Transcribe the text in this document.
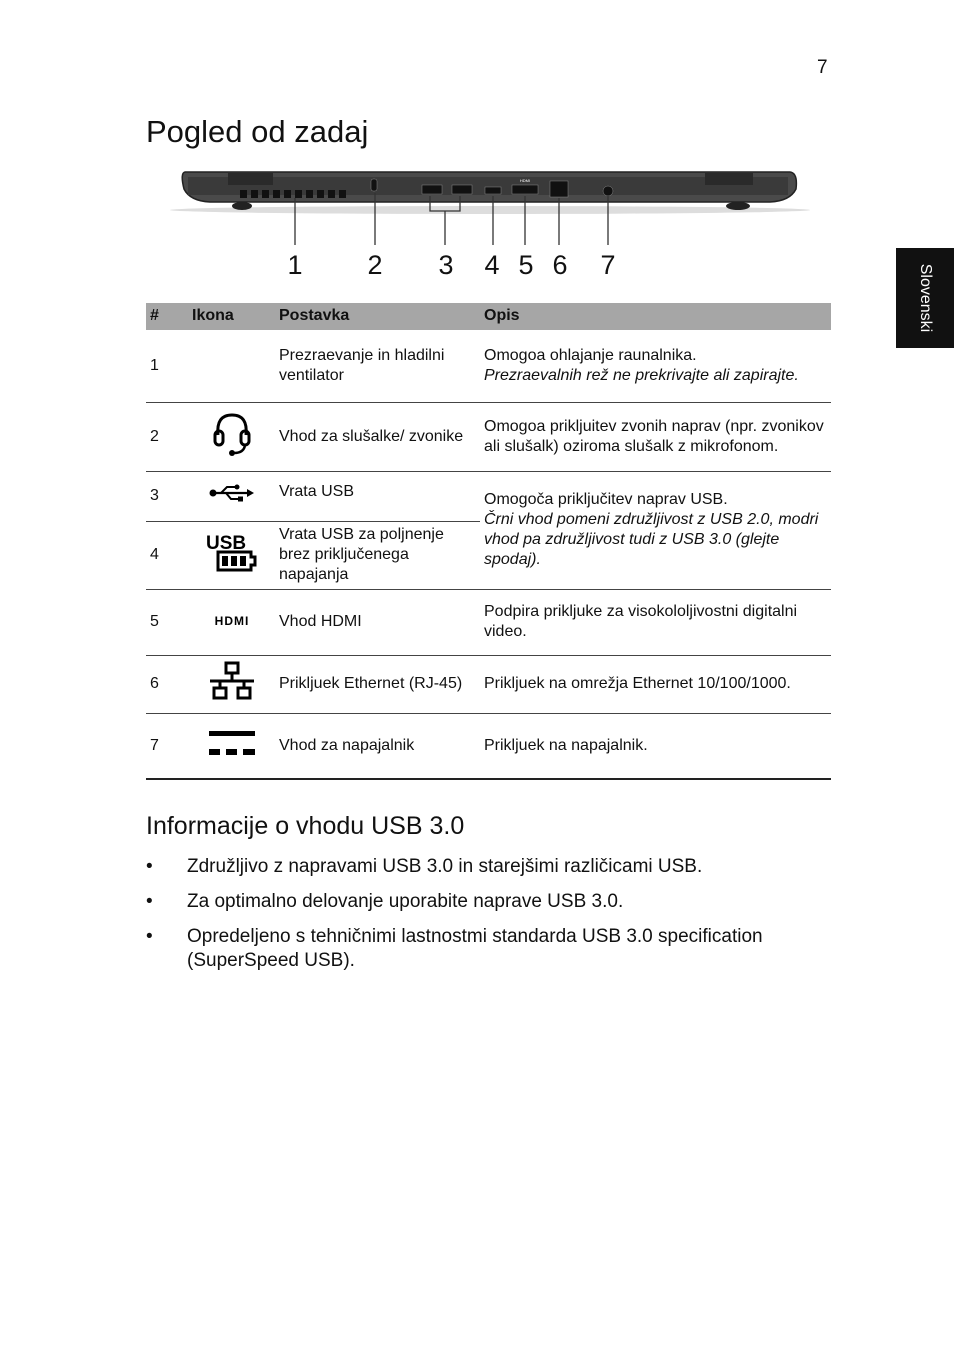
7
Slovenski
Pogled od zadaj
HDMI
1 2 3 4 5 6 7
#	Ikona	Postavka	Opis
1		Prezraevanje in hladilni ventilator	Omogoa ohlajanje raunalnika.
Prezraevalnih rež ne prekrivajte ali zapirajte.

2		Vhod za slušalke/ zvonike	Omogoa prikljuitev zvonih naprav (npr. zvonikov ali slušalk) oziroma slušalk z mikrofonom.
3		Vrata USB	Omogoča priključitev naprav USB.
Črni vhod pomeni združljivost z USB 2.0, modri vhod pa združljivost tudi z USB 3.0 (glejte spodaj).

4	USB	Vrata USB za poljnenje brez priključenega napajanja	
5	HDMI	Vhod HDMI	Podpira prikljuke za visokololjivostni digitalni video.
6		Prikljuek Ethernet (RJ-45)	Prikljuek na omrežja Ethernet 10/100/1000.
7		Vhod za napajalnik	Prikljuek na napajalnik.
Informacije o vhodu USB 3.0
• Združljivo z napravami USB 3.0 in starejšimi različicami USB.
• Za optimalno delovanje uporabite naprave USB 3.0.
• Opredeljeno s tehničnimi lastnostmi standarda USB 3.0 specification (SuperSpeed USB).
